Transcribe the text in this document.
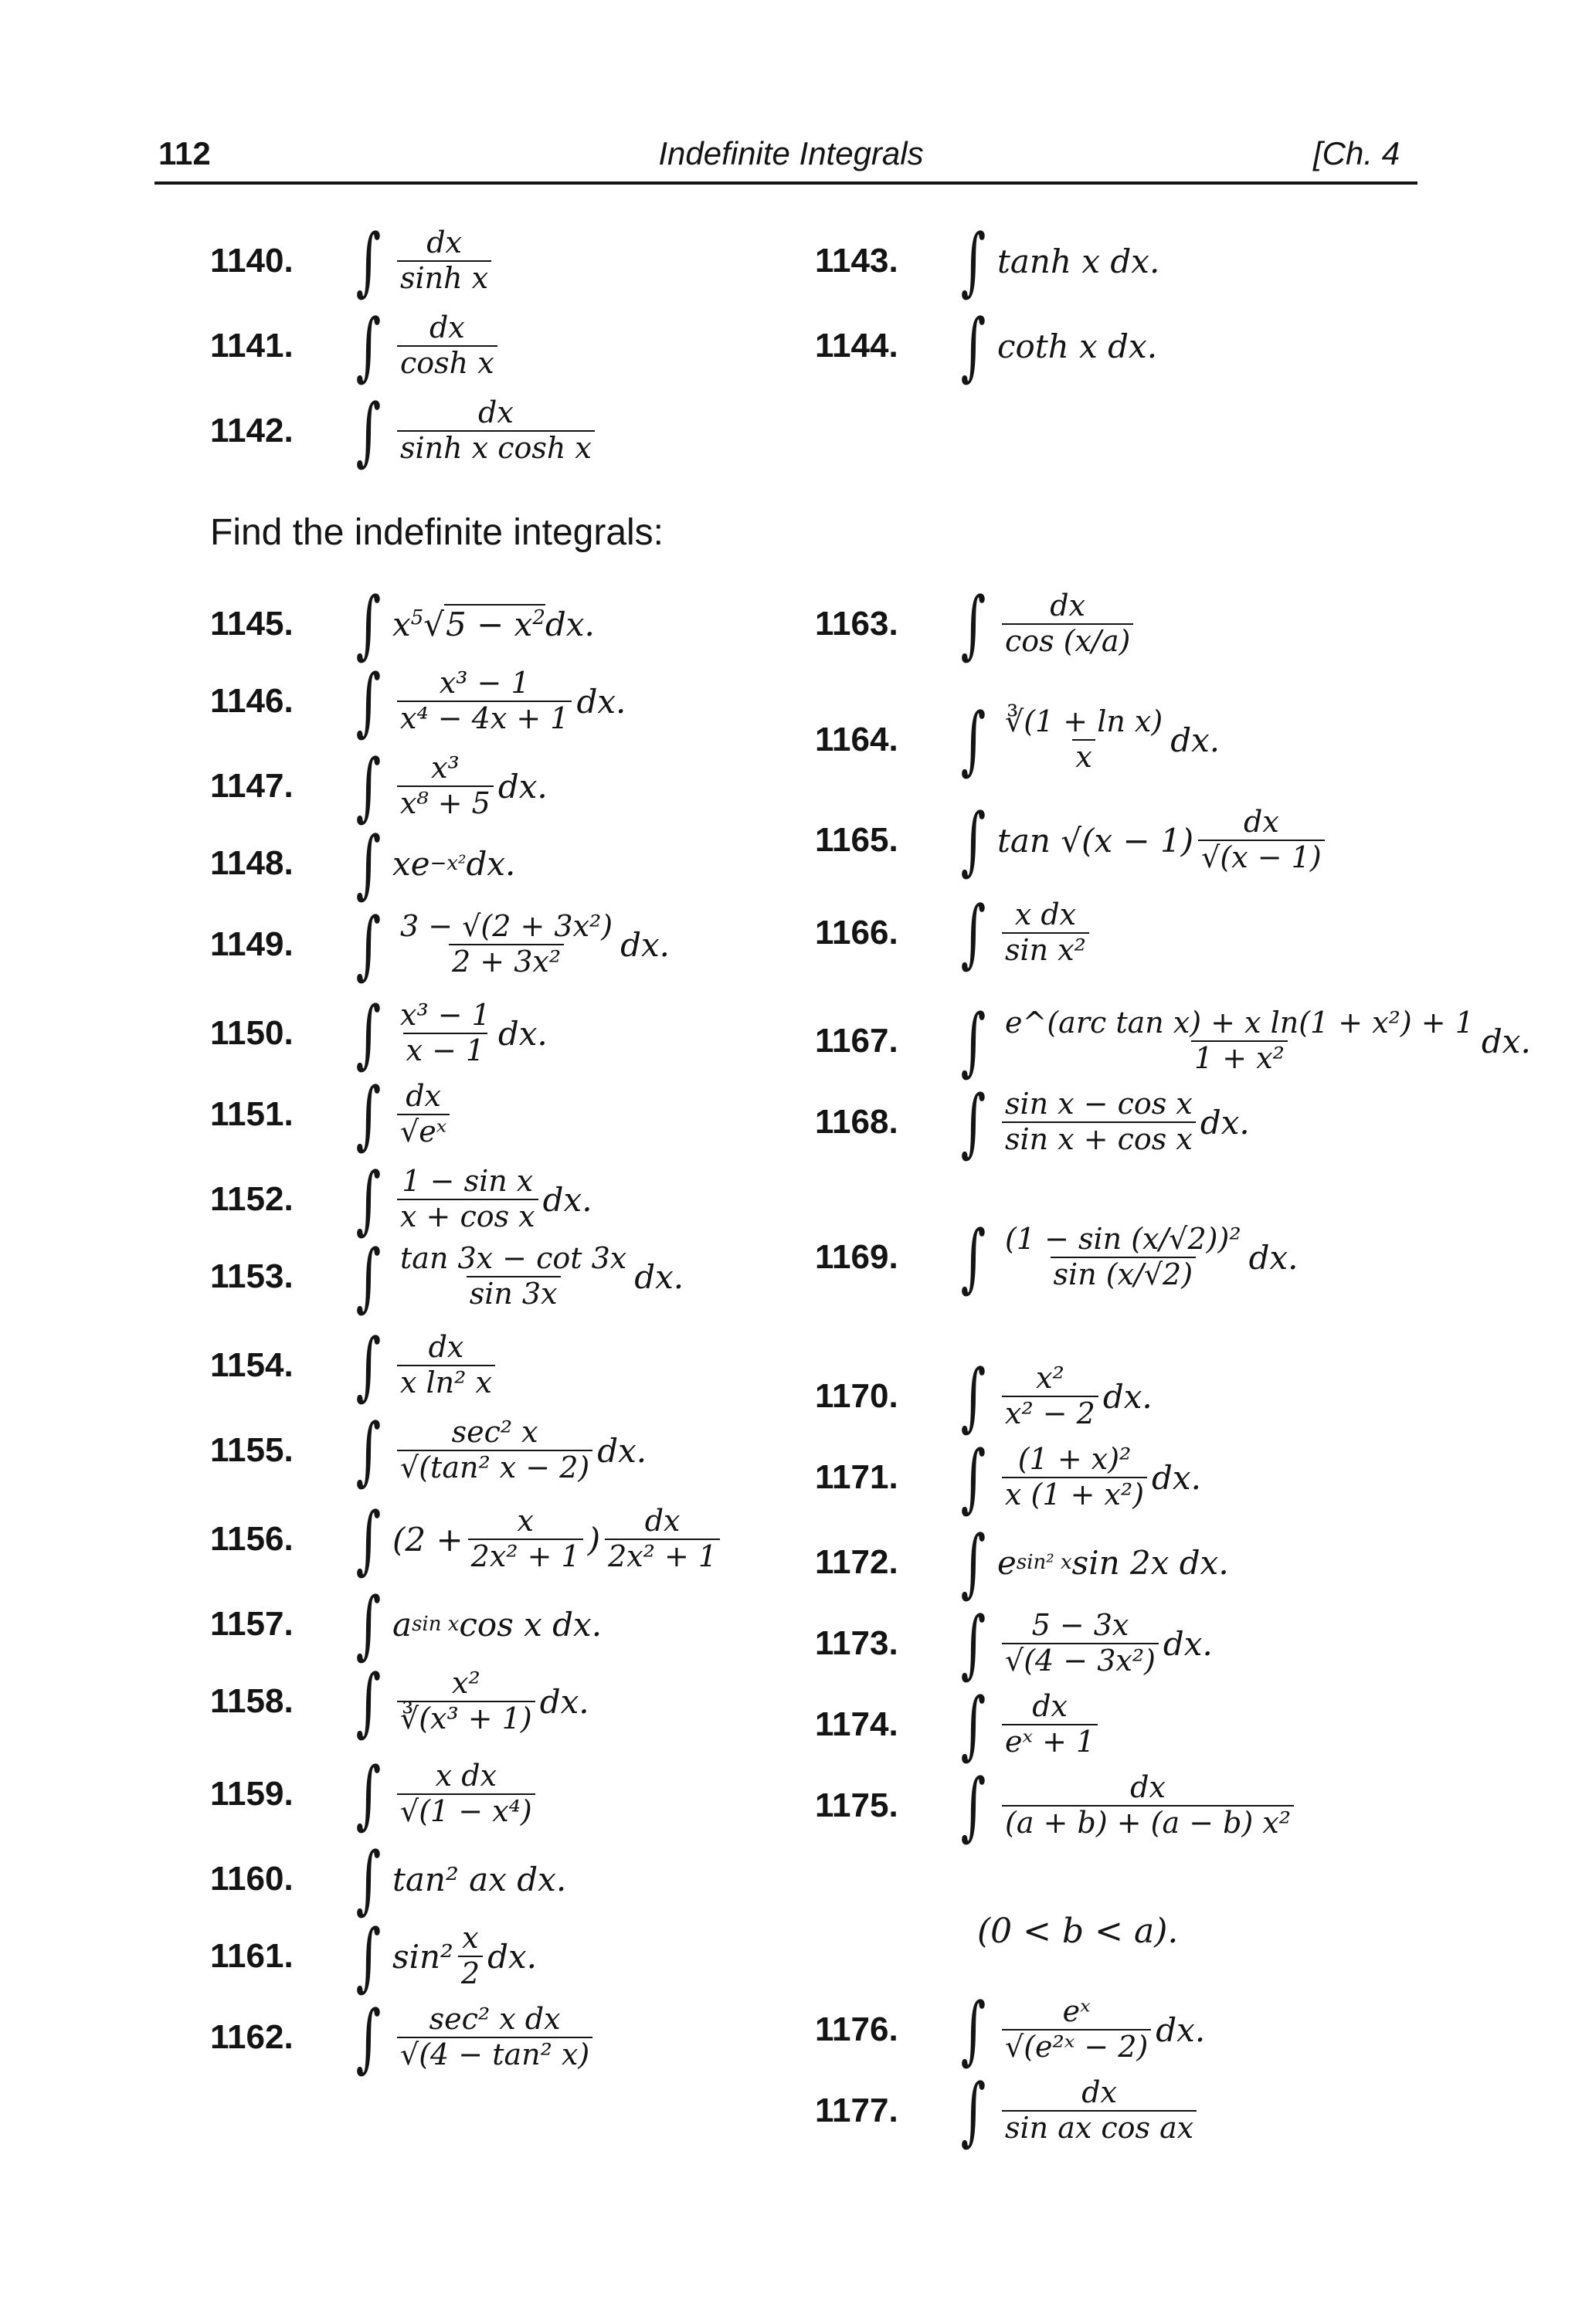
112	Indefinite Integrals	[Ch. 4
Find the indefinite integrals:
1140. ∫ $\frac{dx}{\text{sinh x}}$
1141. ∫ $\frac{dx}{\text{cosh x}}$
1142. ∫ $\frac{dx}{\text{sinh x cosh x}}$
1143. ∫ tanh x dx.
1144. ∫ coth x dx.
1145. ∫ x $^5√5 - x^2$ dx.
1146. ∫ $\frac{\text{x³ − 1}}{\text{x⁴ − 4x + 1}}$ dx.
1147. ∫ $\frac{\text{x³}}{\text{x⁸ + 5}}$ dx.
1148. ∫ xe −x² dx.
1149. ∫ $\frac{\text{3 − √(2 + 3x²)}}{\text{2 + 3x²}}$ dx.
1150. ∫ $\frac{\text{x³ − 1}}{x - 1}$ dx.
1151. ∫ $\frac{dx}{\text{√eˣ}}$
1152. ∫ $\frac{\text{1 − sin x}}{\text{x + cos x}}$ dx.
1153. ∫ $\frac{\tan 3x - \cot 3x}{\sin 3x}$ dx.
1154. ∫ $\frac{dx}{\text{x ln² x}}$
1155. ∫ $\frac{\text{sec² x}}{\text{√(tan² x − 2)}}$ dx.
1156. ∫ ($2 + \frac{x}{\text{2x² + 1}}$ ) $\frac{dx}{\text{2x² + 1}}$
1157. ∫ a sin x cos x dx.
1158. ∫ $\frac{\text{x²}}{\text{∛(x³ + 1)}}$ dx.
1159. ∫ $\frac{\text{x dx}}{\text{√(1 − x⁴)}}$
1160. ∫ tan² ax dx.
1161. ∫ $\sin^2 \frac{x}{2}$ dx.
1162. ∫ $\frac{\text{sec² x dx}}{\text{√(4 − tan² x)}}$
1163. ∫ $\frac{dx}{\cos (x/a)}$
1164. ∫ $\frac{\text{∛(1 + ln x)}}{x}$ dx.
1165. ∫ $\tan √(x - 1) \frac{dx}{√(x - 1)}$
1166. ∫ $\frac{\text{x dx}}{\text{sin x²}}$
1167. ∫ $\frac{\text{e\textasciicircum{}(arc tan x) + x ln(1 + x²) + 1}}{\text{1 + x²}}$ dx.
1168. ∫ $\frac{\text{sin x − cos x}}{\text{sin x + cos x}}$ dx.
1169. ∫ $\frac{\text{(1 − sin (x/√2))²}}{\sin (x/√2)}$ dx.
1170. ∫ $\frac{\text{x²}}{\text{x² − 2}}$ dx.
1171. ∫ $\frac{\text{(1 + x)²}}{\text{x (1 + x²)}}$ dx.
1172. ∫ e sin² x sin 2x dx.
1173. ∫ $\frac{5 - 3x}{\text{√(4 − 3x²)}}$ dx.
1174. ∫ $\frac{dx}{\text{eˣ + 1}}$
1175. ∫ $\frac{dx}{\text{(a + b) + (a − b) x²}}$
1176. ∫ $\frac{\text{eˣ}}{\text{√(e²ˣ − 2)}}$ dx.
1177. ∫ $\frac{dx}{\text{sin ax cos ax}}$
(0 < b < a).
